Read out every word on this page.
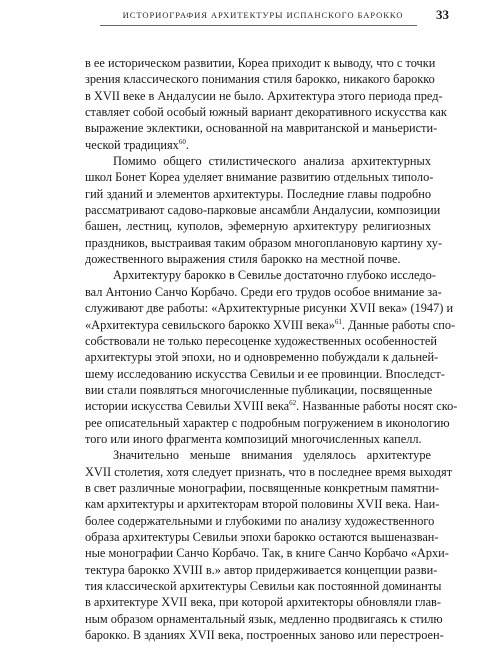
ИСТОРИОГРАФИЯ АРХИТЕКТУРЫ ИСПАНСКОГО БАРОККО	33
в ее историческом развитии, Кореа приходит к выводу, что с точки
зрения классического понимания стиля барокко, никакого барокко
в XVII веке в Андалусии не было. Архитектура этого периода пред-
ставляет собой особый южный вариант декоративного искусства как
выражение эклектики, основанной на мавританской и маньеристи-
ческой традициях$^{60}$.
Помимо общего стилистического анализа архитектурных
школ Бонет Кореа уделяет внимание развитию отдельных типоло-
гий зданий и элементов архитектуры. Последние главы подробно
рассматривают садово-парковые ансамбли Андалусии, композиции
башен, лестниц, куполов, эфемерную архитектуру религиозных
праздников, выстраивая таким образом многоплановую картину ху-
дожественного выражения стиля барокко на местной почве.
Архитектуру барокко в Севилье достаточно глубоко исследо-
вал Антонио Санчо Корбачо. Среди его трудов особое внимание за-
служивают две работы: «Архитектурные рисунки XVII века» (1947) и
«Архитектура севильского барокко XVIII века»$^{61}$. Данные работы спо-
собствовали не только пересоценке художественных особенностей
архитектуры этой эпохи, но и одновременно побуждали к дальней-
шему исследованию искусства Севильи и ее провинции. Впоследст-
вии стали появляться многочисленные публикации, посвященные
истории искусства Севильи XVIII века$^{62}$. Названные работы носят ско-
рее описательный характер с подробным погружением в иконологию
того или иного фрагмента композиций многочисленных капелл.
Значительно меньше внимания уделялось архитектуре
XVII столетия, хотя следует признать, что в последнее время выходят
в свет различные монографии, посвященные конкретным памятни-
кам архитектуры и архитекторам второй половины XVII века. Наи-
более содержательными и глубокими по анализу художественного
образа архитектуры Севильи эпохи барокко остаются вышеназван-
ные монографии Санчо Корбачо. Так, в книге Санчо Корбачо «Архи-
тектура барокко XVIII в.» автор придерживается концепции разви-
тия классической архитектуры Севильи как постоянной доминанты
в архитектуре XVII века, при которой архитекторы обновляли глав-
ным образом орнаментальный язык, медленно продвигаясь к стилю
барокко. В зданиях XVII века, построенных заново или перестроен-
